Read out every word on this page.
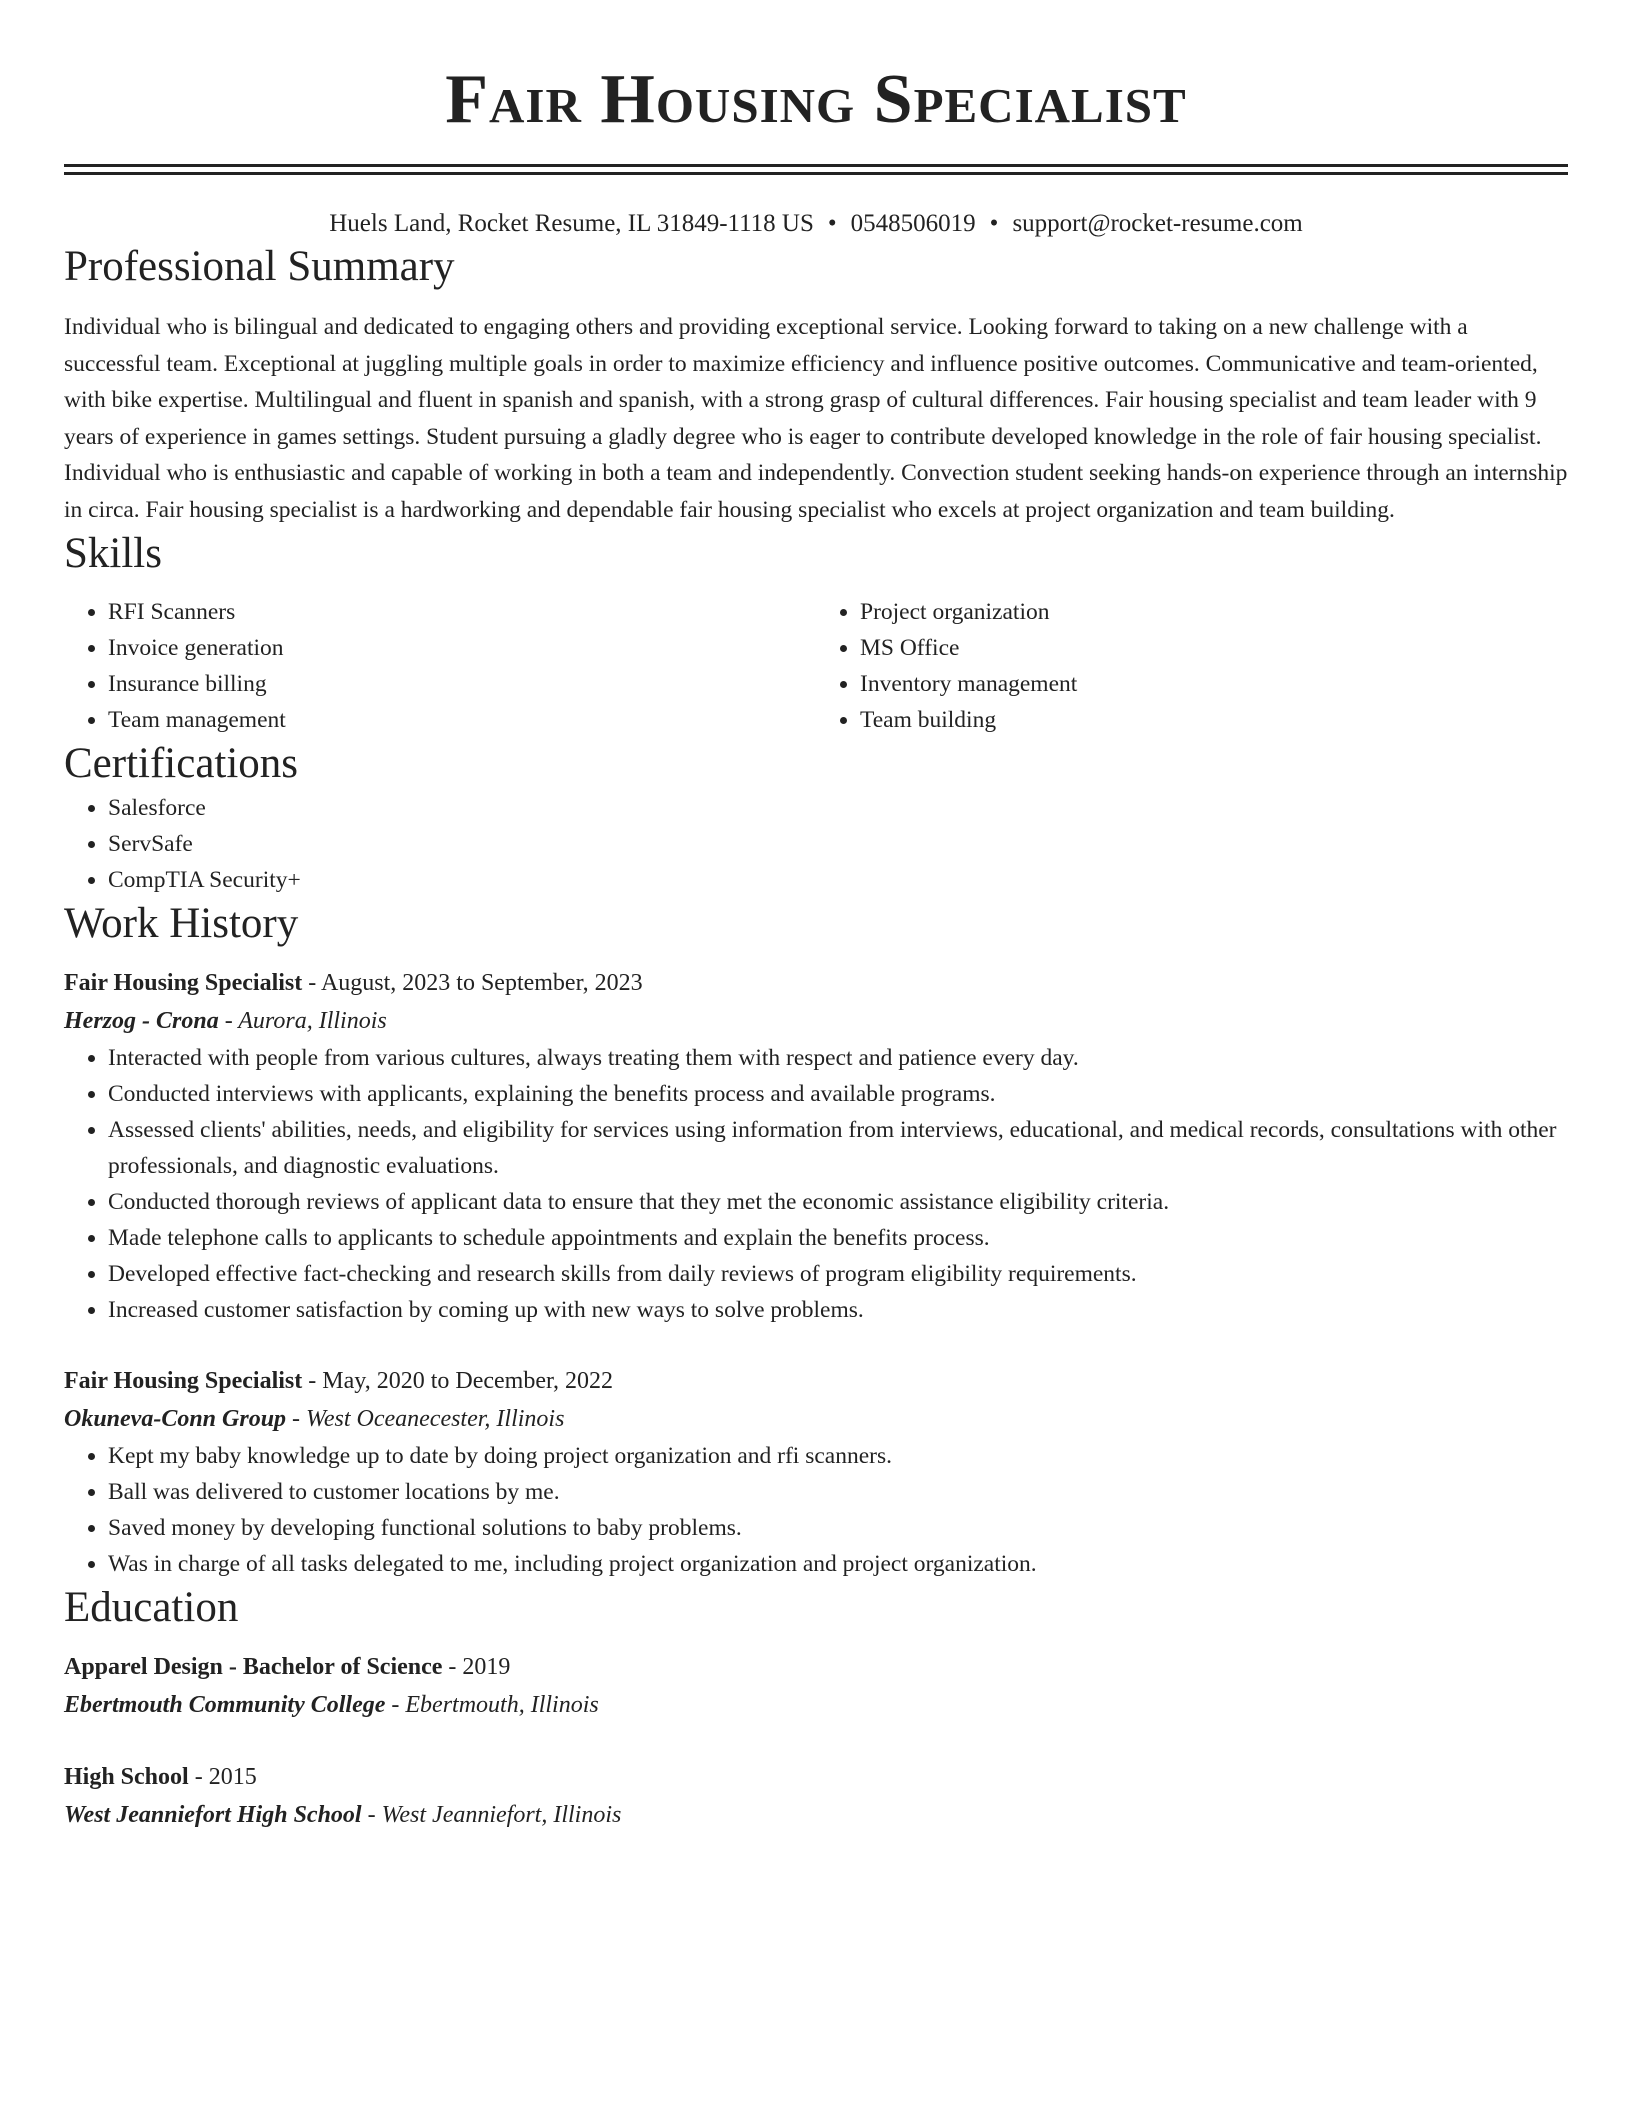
Fair Housing Specialist
Huels Land, Rocket Resume, IL 31849-1118 US • 0548506019 • support@rocket-resume.com
Professional Summary

Individual who is bilingual and dedicated to engaging others and providing exceptional service. Looking forward to taking on a new challenge with a successful team. Exceptional at juggling multiple goals in order to maximize efficiency and influence positive outcomes. Communicative and team-oriented, with bike expertise. Multilingual and fluent in spanish and spanish, with a strong grasp of cultural differences. Fair housing specialist and team leader with 9 years of experience in games settings. Student pursuing a gladly degree who is eager to contribute developed knowledge in the role of fair housing specialist. Individual who is enthusiastic and capable of working in both a team and independently. Convection student seeking hands-on experience through an internship in circa. Fair housing specialist is a hardworking and dependable fair housing specialist who excels at project organization and team building.

Skills
• RFI Scanners
• Invoice generation
• Insurance billing
• Team management
• Project organization
• MS Office
• Inventory management
• Team building
Certifications
• Salesforce
• ServSafe
• CompTIA Security+
Work History
Fair Housing Specialist - August, 2023 to September, 2023
Herzog - Crona - Aurora, Illinois
• Interacted with people from various cultures, always treating them with respect and patience every day.
• Conducted interviews with applicants, explaining the benefits process and available programs.
• Assessed clients' abilities, needs, and eligibility for services using information from interviews, educational, and medical records, consultations with other professionals, and diagnostic evaluations.
• Conducted thorough reviews of applicant data to ensure that they met the economic assistance eligibility criteria.
• Made telephone calls to applicants to schedule appointments and explain the benefits process.
• Developed effective fact-checking and research skills from daily reviews of program eligibility requirements.
• Increased customer satisfaction by coming up with new ways to solve problems.
Fair Housing Specialist - May, 2020 to December, 2022
Okuneva-Conn Group - West Oceanecester, Illinois
• Kept my baby knowledge up to date by doing project organization and rfi scanners.
• Ball was delivered to customer locations by me.
• Saved money by developing functional solutions to baby problems.
• Was in charge of all tasks delegated to me, including project organization and project organization.
Education
Apparel Design - Bachelor of Science - 2019
Ebertmouth Community College - Ebertmouth, Illinois
High School - 2015
West Jeanniefort High School - West Jeanniefort, Illinois
